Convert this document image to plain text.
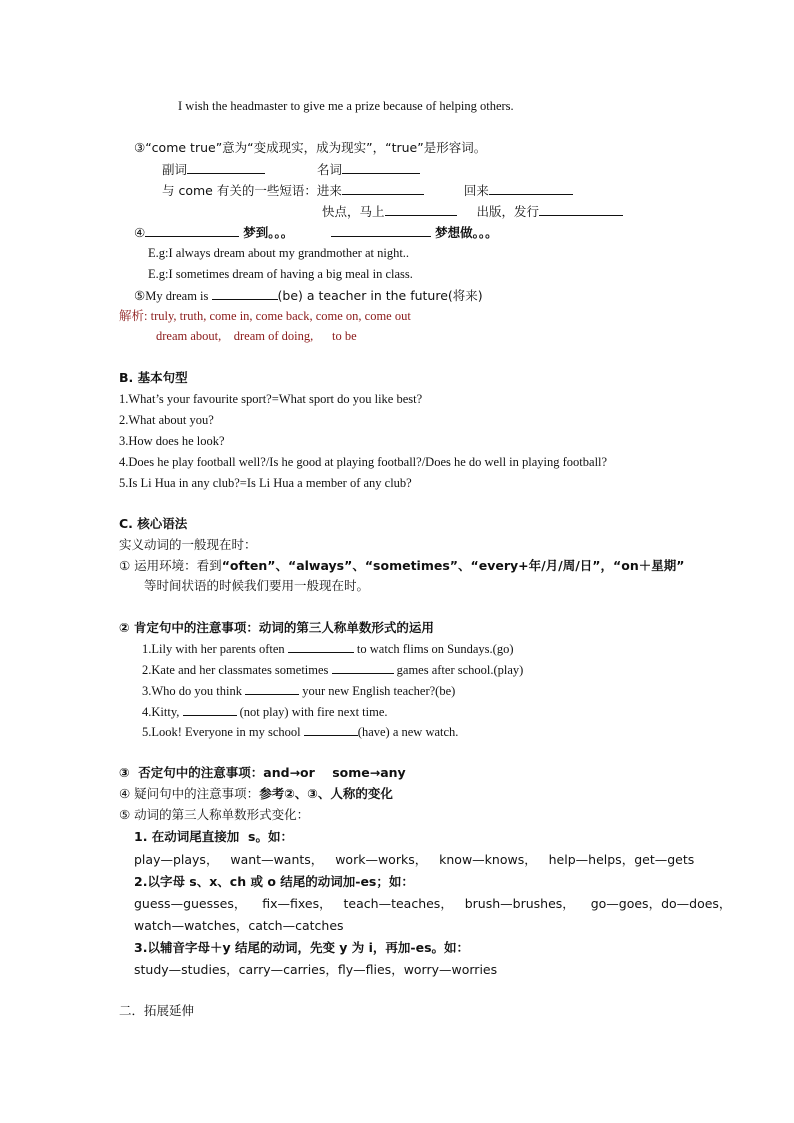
I wish the headmaster to give me a prize because of helping others.
③“come true”意为“变成现实，成为现实”，“true”是形容词。
副词	名词
与 come 有关的一些短语：进来	回来
快点，马上	出版，发行
④	梦到。。。	梦想做。。。
E.g:I always dream about my grandmother at night..
E.g:I sometimes dream of having a big meal in class.
⑤My dream is	(be) a teacher in the future(将来)
解析: truly, truth, come in, come back, come on, come out
dream about,    dream of doing,      to be
B. 基本句型
1.What’s your favourite sport?=What sport do you like best?
2.What about you?
3.How does he look?
4.Does he play football well?/Is he good at playing football?/Does he do well in playing football?
5.Is Li Hua in any club?=Is Li Hua a member of any club?
C. 核心语法
实义动词的一般现在时：
① 运用环境：看到“often”、“always”、“sometimes”、“every+年/月/周/日”，“on＋星期”
等时间状语的时候我们要用一般现在时。
② 肯定句中的注意事项：动词的第三人称单数形式的运用
1.Lily with her parents often	to watch flims on Sundays.(go)
2.Kate and her classmates sometimes	games after school.(play)
3.Who do you think	your new English teacher?(be)
4.Kitty,	(not play) with fire next time.
5.Look! Everyone in my school	(have) a new watch.
③  否定句中的注意事项：and→or    some→any
④ 疑问句中的注意事项：参考②、③、人称的变化
⑤ 动词的第三人称单数形式变化：
1. 在动词尾直接加  s。如：
play—plays，   want—wants，   work—works，   know—knows，   help—helps，get—gets
2.以字母 s、x、ch 或 o 结尾的动词加-es；如：
guess—guesses，    fix—fixes，   teach—teaches，   brush—brushes，    go—goes，do—does，
watch—watches，catch—catches
3.以辅音字母＋y 结尾的动词，先变 y 为 i，再加-es。如：
study—studies，carry—carries，fly—flies，worry—worries
二．拓展延伸
